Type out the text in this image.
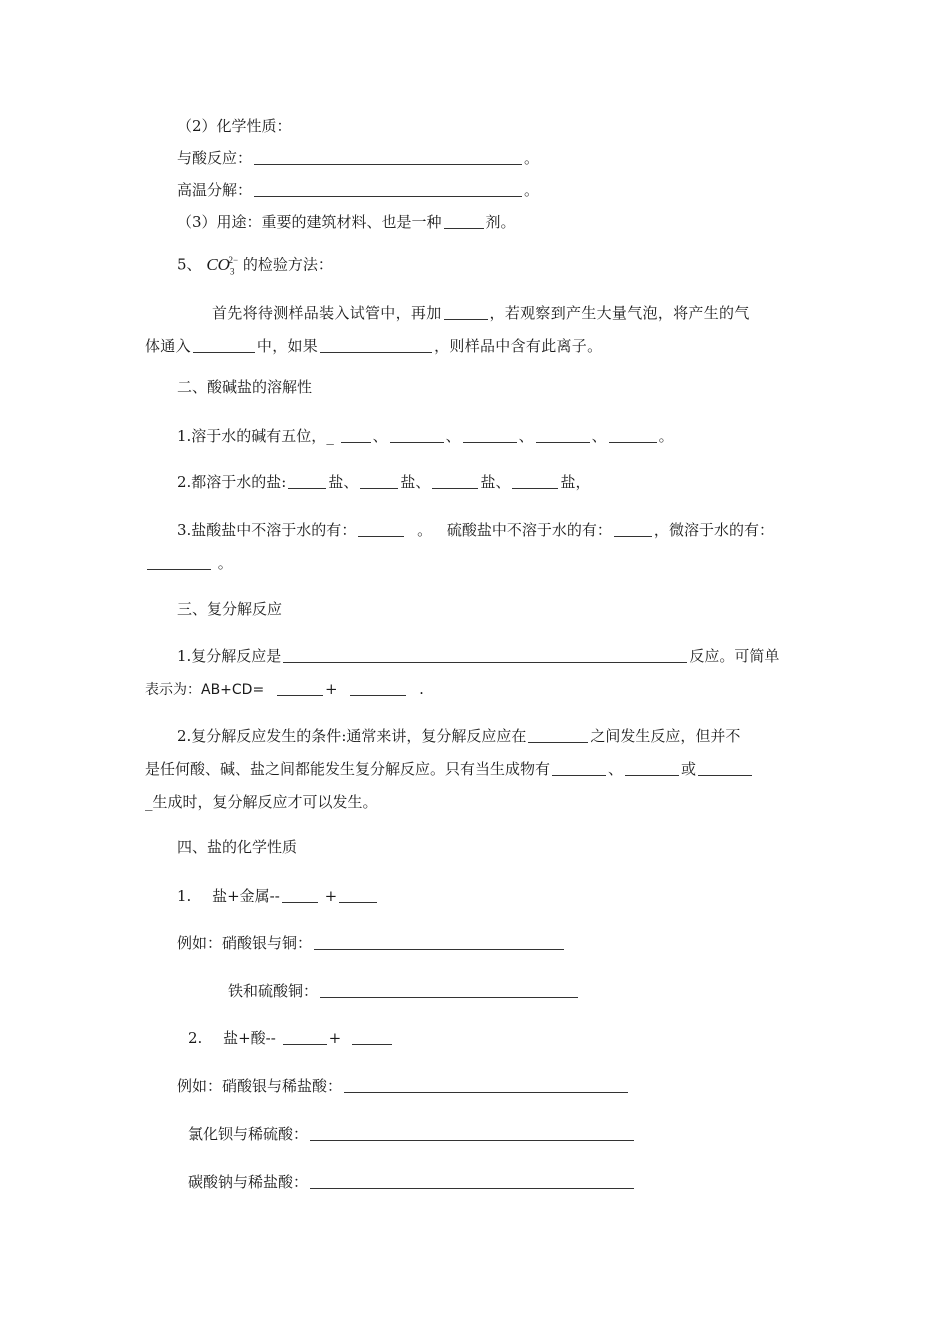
（2）化学性质：
与酸反应：	。
高温分解：	。
（3）用途：重要的建筑材料、也是一种	剂。
5、 $CO_3^{2-}$ 的检验方法：
首先将待测样品装入试管中，再加	，若观察到产生大量气泡，将产生的气
体通入	中，如果	，则样品中含有此离子。
二、酸碱盐的溶解性
1.溶于水的碱有五位，_	、	、	、	、	。
2.都溶于水的盐:	盐、	盐、	盐、	盐，
3.盐酸盐中不溶于水的有：	。 硫酸盐中不溶于水的有：	，微溶于水的有：
。
三、复分解反应
1.复分解反应是	反应。可简单
表示为：AB+CD=	+	.
2.复分解反应发生的条件:通常来讲，复分解反应应在	之间发生反应，但并不
是任何酸、碱、盐之间都能发生复分解反应。只有当生成物有	、	或
_生成时，复分解反应才可以发生。
四、盐的化学性质
1. 盐+金属--	+
例如：硝酸银与铜：
铁和硫酸铜：
2. 盐+酸--	+
例如：硝酸银与稀盐酸：
氯化钡与稀硫酸：
碳酸钠与稀盐酸：
